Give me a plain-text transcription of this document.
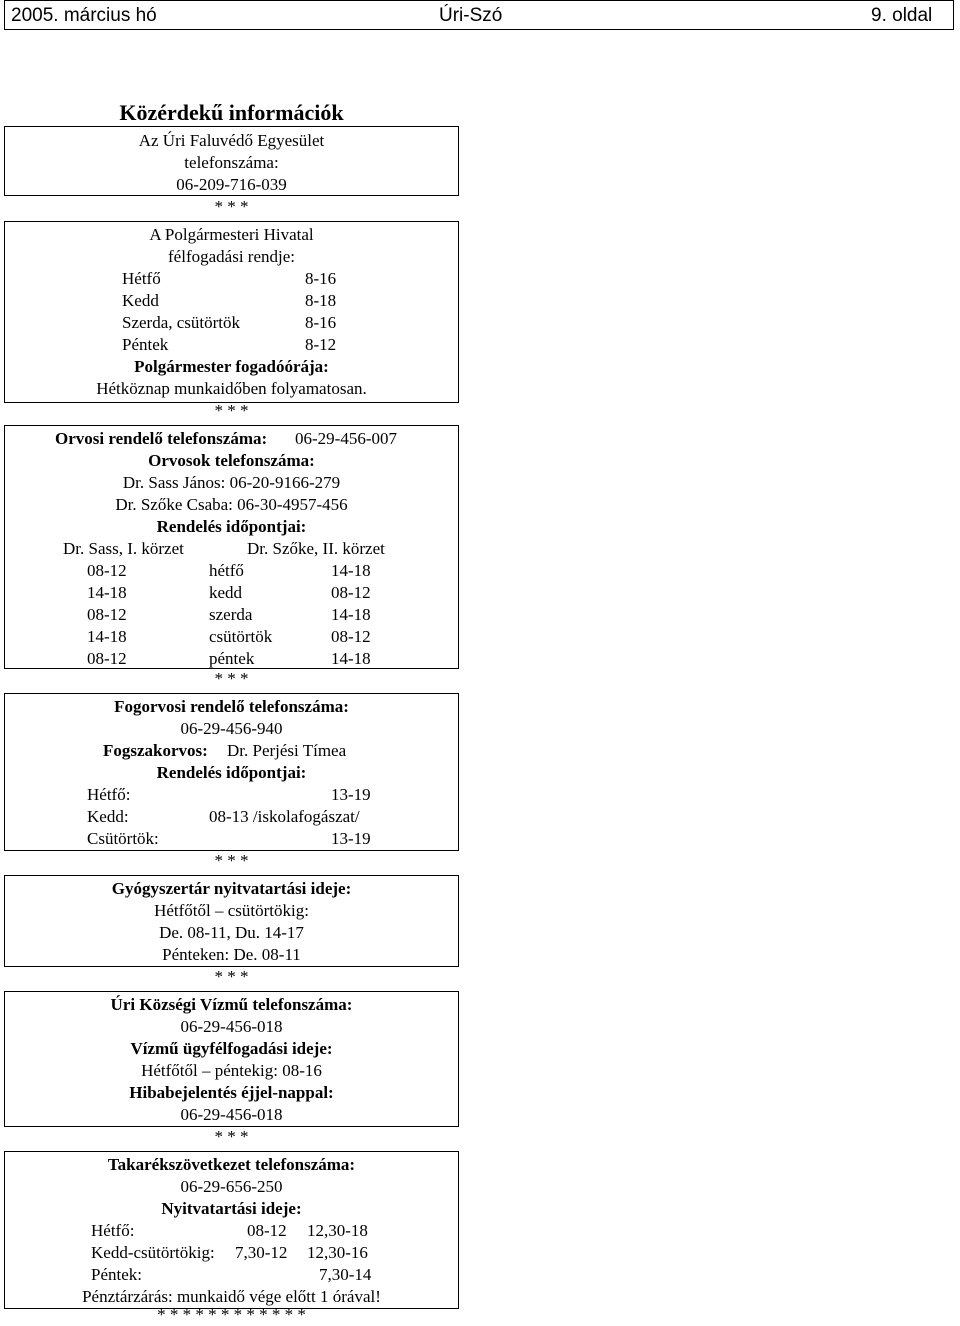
2005. március hó	Úri-Szó	9. oldal
Közérdekű információk
Az Úri Faluvédő Egyesület
telefonszáma:
06-209-716-039
* * *
A Polgármesteri Hivatal
félfogadási rendje:
Hétfő	8-16
Kedd	8-18
Szerda, csütörtök	8-16
Péntek	8-12
Polgármester fogadóórája:
Hétköznap munkaidőben folyamatosan.
* * *
Orvosi rendelő telefonszáma: 06-29-456-007
Orvosok telefonszáma:
Dr. Sass János: 06-20-9166-279
Dr. Szőke Csaba: 06-30-4957-456
Rendelés időpontjai:
Dr. Sass, I. körzet	Dr. Szőke, II. körzet
08-12	hétfő	14-18
14-18	kedd	08-12
08-12	szerda	14-18
14-18	csütörtök	08-12
08-12	péntek	14-18
* * *
Fogorvosi rendelő telefonszáma:
06-29-456-940
Fogszakorvos: Dr. Perjési Tímea
Rendelés időpontjai:
Hétfő:	13-19
Kedd:	08-13 /iskolafogászat/
Csütörtök:	13-19
* * *
Gyógyszertár nyitvatartási ideje:
Hétfőtől – csütörtökig:
De. 08-11, Du. 14-17
Pénteken: De. 08-11
* * *
Úri Községi Vízmű telefonszáma:
06-29-456-018
Vízmű ügyfélfogadási ideje:
Hétfőtől – péntekig: 08-16
Hibabejelentés éjjel-nappal:
06-29-456-018
* * *
Takarékszövetkezet telefonszáma:
06-29-656-250
Nyitvatartási ideje:
Hétfő:	08-12 12,30-18
Kedd-csütörtökig: 7,30-12 12,30-16
Péntek:	7,30-14
Pénztárzárás: munkaidő vége előtt 1 órával!
* * * * * * * * * * * *
